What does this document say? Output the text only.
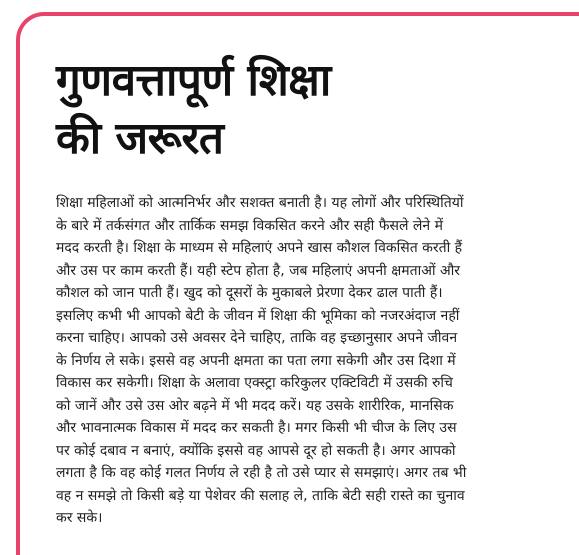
गुणवत्तापूर्ण शिक्षा
की जरूरत
शिक्षा महिलाओं को आत्मनिर्भर और सशक्त बनाती है। यह लोगों और परिस्थितियों
के बारे में तर्कसंगत और तार्किक समझ विकसित करने और सही फैसले लेने में
मदद करती है। शिक्षा के माध्यम से महिलाएं अपने खास कौशल विकसित करती हैं
और उस पर काम करती हैं। यही स्टेप होता है, जब महिलाएं अपनी क्षमताओं और
कौशल को जान पाती हैं। खुद को दूसरों के मुकाबले प्रेरणा देकर ढाल पाती हैं।
इसलिए कभी भी आपको बेटी के जीवन में शिक्षा की भूमिका को नजरअंदाज नहीं
करना चाहिए। आपको उसे अवसर देने चाहिए, ताकि वह इच्छानुसार अपने जीवन
के निर्णय ले सके। इससे वह अपनी क्षमता का पता लगा सकेगी और उस दिशा में
विकास कर सकेगी। शिक्षा के अलावा एक्स्ट्रा करिकुलर एक्टिविटी में उसकी रुचि
को जानें और उसे उस ओर बढ़ने में भी मदद करें। यह उसके शारीरिक, मानसिक
और भावनात्मक विकास में मदद कर सकती है। मगर किसी भी चीज के लिए उस
पर कोई दबाव न बनाएं, क्योंकि इससे वह आपसे दूर हो सकती है। अगर आपको
लगता है कि वह कोई गलत निर्णय ले रही है तो उसे प्यार से समझाएं। अगर तब भी
वह न समझे तो किसी बड़े या पेशेवर की सलाह ले, ताकि बेटी सही रास्ते का चुनाव
कर सके।
